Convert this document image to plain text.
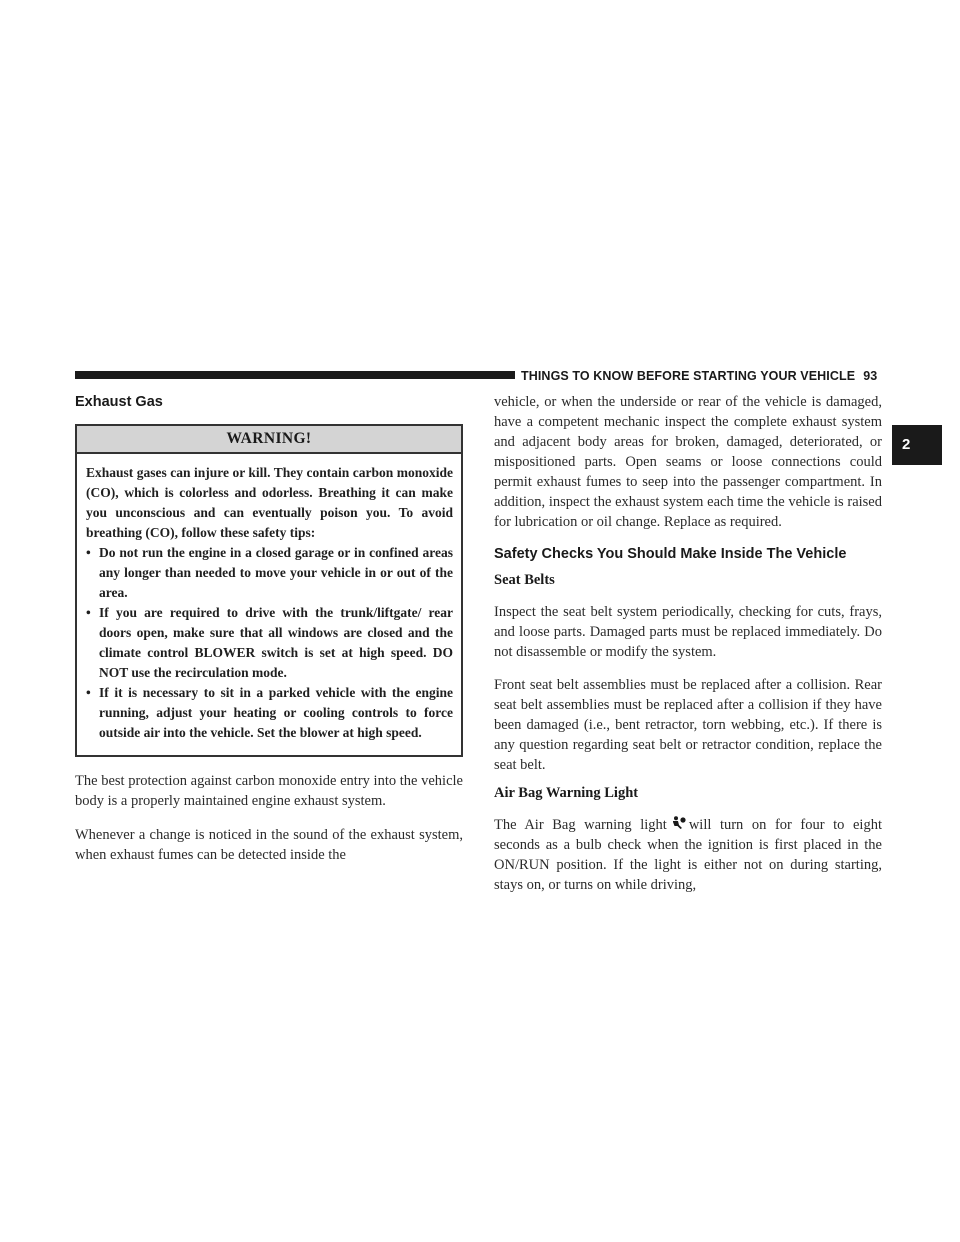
THINGS TO KNOW BEFORE STARTING YOUR VEHICLE 93
2
Exhaust Gas
WARNING!
Exhaust gases can injure or kill. They contain carbon monoxide (CO), which is colorless and odorless. Breathing it can make you unconscious and can eventually poison you. To avoid breathing (CO), follow these safety tips:
• Do not run the engine in a closed garage or in confined areas any longer than needed to move your vehicle in or out of the area.
• If you are required to drive with the trunk/liftgate/ rear doors open, make sure that all windows are closed and the climate control BLOWER switch is set at high speed. DO NOT use the recirculation mode.
• If it is necessary to sit in a parked vehicle with the engine running, adjust your heating or cooling controls to force outside air into the vehicle. Set the blower at high speed.

The best protection against carbon monoxide entry into the vehicle body is a properly maintained engine exhaust system.

Whenever a change is noticed in the sound of the exhaust system, when exhaust fumes can be detected inside the

vehicle, or when the underside or rear of the vehicle is damaged, have a competent mechanic inspect the complete exhaust system and adjacent body areas for broken, damaged, deteriorated, or mispositioned parts. Open seams or loose connections could permit exhaust fumes to seep into the passenger compartment. In addition, inspect the exhaust system each time the vehicle is raised for lubrication or oil change. Replace as required.

Safety Checks You Should Make Inside The Vehicle
Seat Belts

Inspect the seat belt system periodically, checking for cuts, frays, and loose parts. Damaged parts must be replaced immediately. Do not disassemble or modify the system.

Front seat belt assemblies must be replaced after a collision. Rear seat belt assemblies must be replaced after a collision if they have been damaged (i.e., bent retractor, torn webbing, etc.). If there is any question regarding seat belt or retractor condition, replace the seat belt.

Air Bag Warning Light

The Air Bag warning light will turn on for four to eight seconds as a bulb check when the ignition is first placed in the ON/RUN position. If the light is either not on during starting, stays on, or turns on while driving,
